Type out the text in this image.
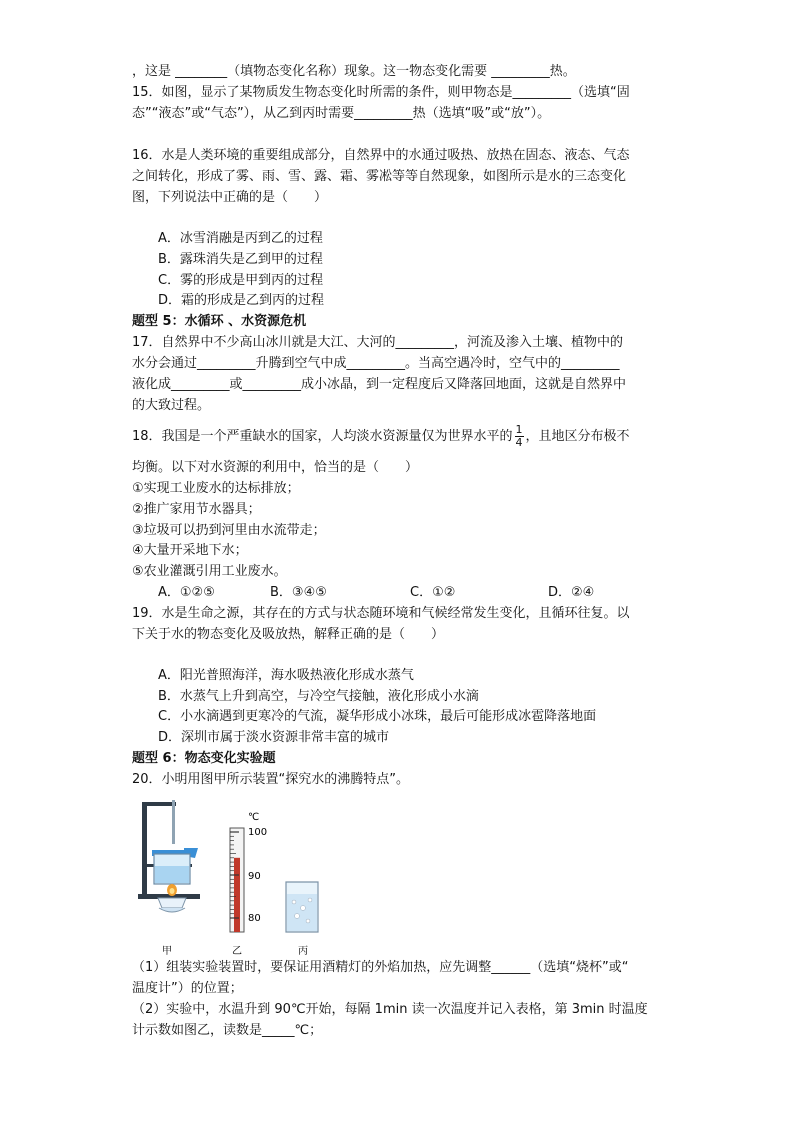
，这是 ________（填物态变化名称）现象。这一物态变化需要 _________热。
15．如图，显示了某物质发生物态变化时所需的条件，则甲物态是_________（选填“固
态”“液态”或“气态”），从乙到丙时需要_________热（选填“吸”或“放”）。
16．水是人类环境的重要组成部分，自然界中的水通过吸热、放热在固态、液态、气态
之间转化，形成了雾、雨、雪、露、霜、雾凇等等自然现象，如图所示是水的三态变化
图，下列说法中正确的是（　　）
A．冰雪消融是丙到乙的过程
B．露珠消失是乙到甲的过程
C．雾的形成是甲到丙的过程
D．霜的形成是乙到丙的过程
题型 5：水循环 、水资源危机
17．自然界中不少高山冰川就是大江、大河的_________，河流及渗入土壤、植物中的
水分会通过_________升腾到空气中成_________。当高空遇冷时，空气中的_________
液化成_________或_________成小冰晶，到一定程度后又降落回地面，这就是自然界中
的大致过程。
18．我国是一个严重缺水的国家，人均淡水资源量仅为世界水平的 $\frac{1}{4}$ ，且地区分布极不
均衡。以下对水资源的利用中，恰当的是（　　）
①实现工业废水的达标排放；
②推广家用节水器具；
③垃圾可以扔到河里由水流带走；
④大量开采地下水；
⑤农业灌溉引用工业废水。
A．①②⑤	B．③④⑤	C．①②	D．②④
19．水是生命之源，其存在的方式与状态随环境和气候经常发生变化，且循环往复。以
下关于水的物态变化及吸放热，解释正确的是（　　）
A．阳光普照海洋，海水吸热液化形成水蒸气
B．水蒸气上升到高空，与冷空气接触，液化形成小水滴
C．小水滴遇到更寒冷的气流，凝华形成小冰珠，最后可能形成冰雹降落地面
D．深圳市属于淡水资源非常丰富的城市
题型 6：物态变化实验题
20．小明用图甲所示装置“探究水的沸腾特点”。
℃
100
90
80
甲	乙	丙
（1）组装实验装置时，要保证用酒精灯的外焰加热，应先调整______（选填“烧杯”或“
温度计”）的位置；
（2）实验中，水温升到 90℃开始，每隔 1min 读一次温度并记入表格，第 3min 时温度
计示数如图乙，读数是_____℃；
